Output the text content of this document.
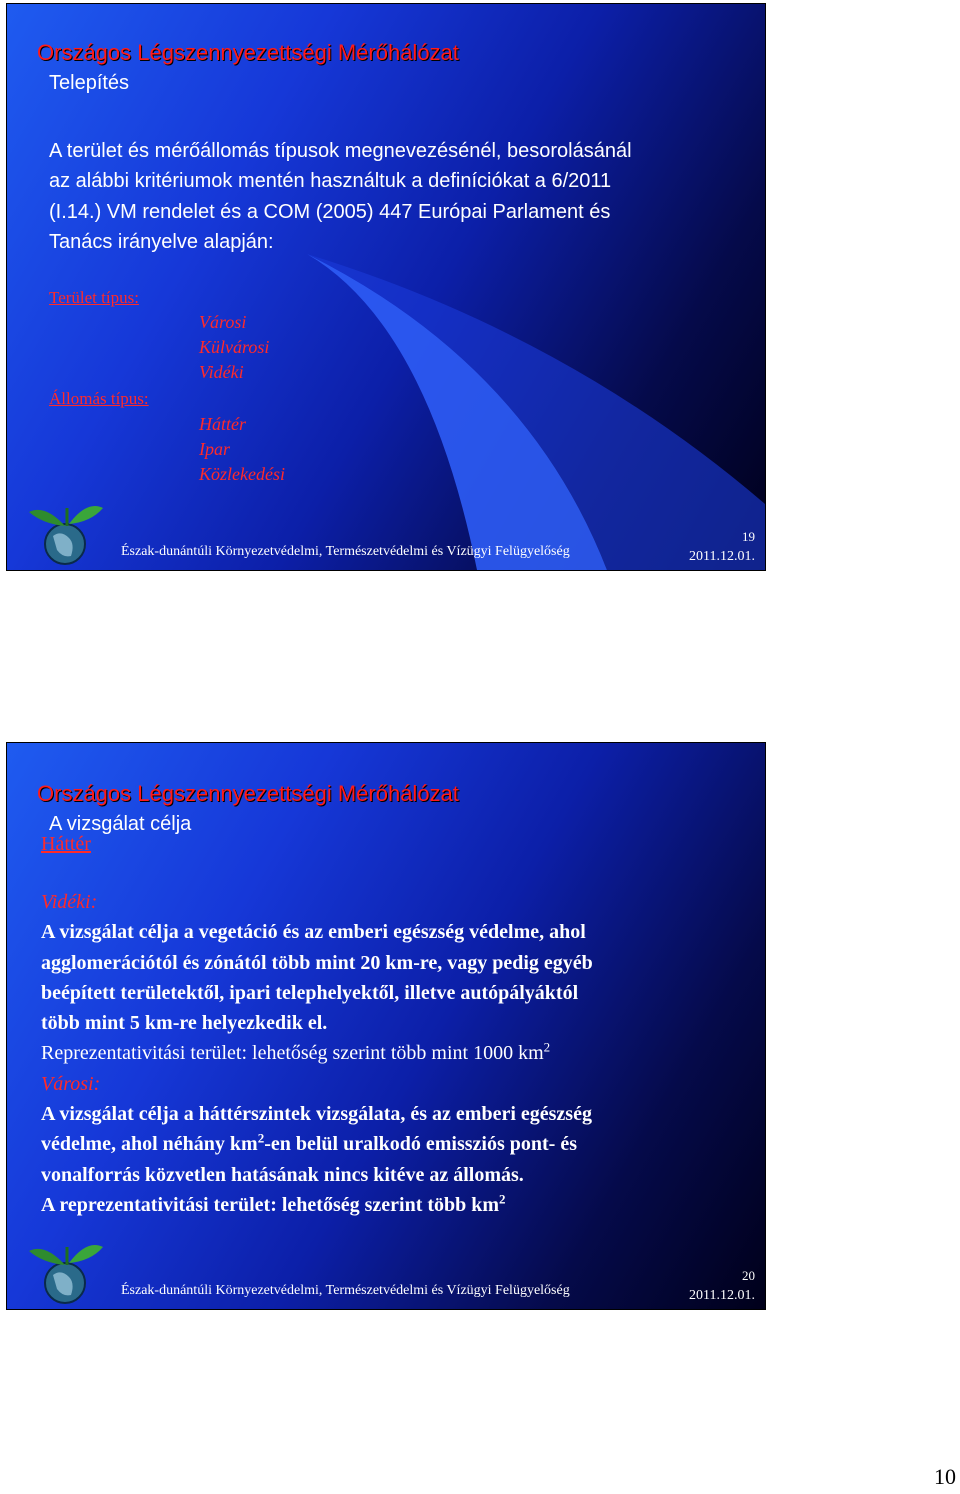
Országos Légszennyezettségi Mérőhálózat
Telepítés
A terület és mérőállomás típusok megnevezésénél, besorolásánál
az alábbi kritériumok mentén használtuk a definíciókat a 6/2011
(I.14.) VM rendelet és a COM (2005) 447 Európai Parlament és
Tanács irányelve alapján:
Terület típus:
Városi
Külvárosi
Vidéki
Állomás típus:
Háttér
Ipar
Közlekedési
Észak-dunántúli Környezetvédelmi, Természetvédelmi és Vízügyi Felügyelőség
19
2011.12.01.
Országos Légszennyezettségi Mérőhálózat
A vizsgálat célja
Háttér
Vidéki:
A vizsgálat célja a vegetáció és az emberi egészség védelme, ahol
agglomerációtól és zónától több mint 20 km-re, vagy pedig egyéb
beépített területektől, ipari telephelyektől, illetve autópályáktól
több mint 5 km-re helyezkedik el.
Reprezentativitási terület: lehetőség szerint több mint 1000 $km^2$
Városi:
A vizsgálat célja a háttérszintek vizsgálata, és az emberi egészség
védelme, ahol néhány $km^2-en$ belül uralkodó emissziós pont- és
vonalforrás közvetlen hatásának nincs kitéve az állomás.
A reprezentativitási terület: lehetőség szerint több $km^2$
Észak-dunántúli Környezetvédelmi, Természetvédelmi és Vízügyi Felügyelőség
20
2011.12.01.
10
